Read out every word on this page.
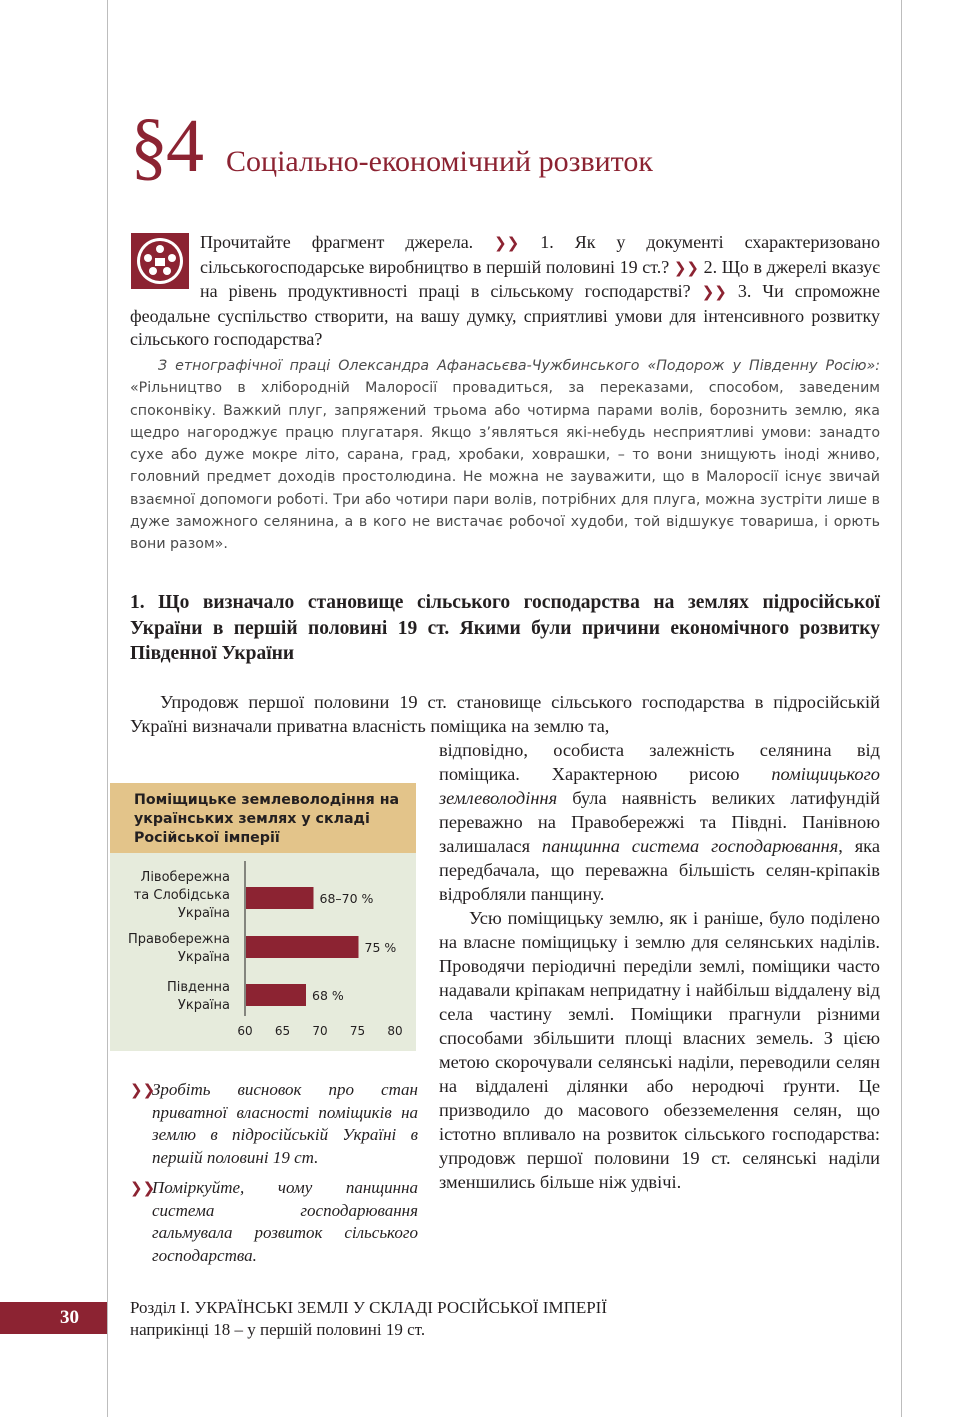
§4 Соціально-економічний розвиток
Прочитайте фрагмент джерела. ❯❯ 1. Як у документі схарактеризовано сільськогосподарське виробництво в першій половині 19 ст.? ❯❯ 2. Що в джерелі вказує на рівень продуктивності праці в сільському господарстві? ❯❯ 3. Чи спроможне феодальне суспільство створити, на вашу думку, сприятливі умови для інтенсивного розвитку сільського господарства?
З етнографічної праці Олександра Афанасьєва-Чужбинського «Подорож у Південну Росію»: «Рільництво в хлібородній Малоросії провадиться, за переказами, способом, заведеним споконвіку. Важкий плуг, запряжений трьома або чотирма парами волів, борознить землю, яка щедро нагороджує працю плугатаря. Якщо з’являться які-небудь несприятливі умови: занадто сухе або дуже мокре літо, сарана, град, хробаки, ховрашки, – то вони знищують іноді жниво, головний предмет доходів простолюдина. Не можна не зауважити, що в Малоросії існує звичай взаємної допомоги роботі. Три або чотири пари волів, потрібних для плуга, можна зустріти лише в дуже заможного селянина, а в кого не вистачає робочої худоби, той відшукує товариша, і орють вони разом».
1. Що визначало становище сільського господарства на землях підросійської України в першій половині 19 ст. Якими були причини економічного розвитку Південної України

Упродовж першої половини 19 ст. становище сільського господарства в підросійській Україні визначали приватна власність поміщика на землю та,

відповідно, особиста залежність селянина від поміщика. Характерною рисою поміщицького землеволодіння була наявність великих латифундій переважно на Правобережжі та Півдні. Панівною залишалася панщинна система господарювання, яка передбачала, що переважна більшість селян-кріпаків відробляли панщину.

Усю поміщицьку землю, як і раніше, було поділено на власне поміщицьку і землю для селянських наділів. Проводячи періодичні переділи землі, поміщики часто надавали кріпакам непридатну і найбільш віддалену від села частину землі. Поміщики прагнули різними способами збільшити площі власних земель. З цією метою скорочували селянські наділи, переводили селян на віддалені ділянки або неродючі ґрунти. Це призводило до масового обезземелення селян, що істотно впливало на розвиток сільського господарства: упродовж першої половини 19 ст. селянські наділи зменшились більше ніж удвічі.

Поміщицьке землеволодіння на українських землях у складі Російської імперії
68–70 %
Лівобережна та Слобідська Україна
75 %
Правобережна Україна
68 %
Південна Україна
60 65 70 75 80
❯❯
Зробіть висновок про стан приватної власності поміщиків на землю в підросійській Україні в першій половині 19 ст.
❯❯
Поміркуйте, чому панщинна система господарювання гальмувала розвиток сільського господарства.
30	Розділ І. УКРАЇНСЬКІ ЗЕМЛІ У СКЛАДІ РОСІЙСЬКОЇ ІМПЕРІЇ
наприкінці 18 – у першій половині 19 ст.
